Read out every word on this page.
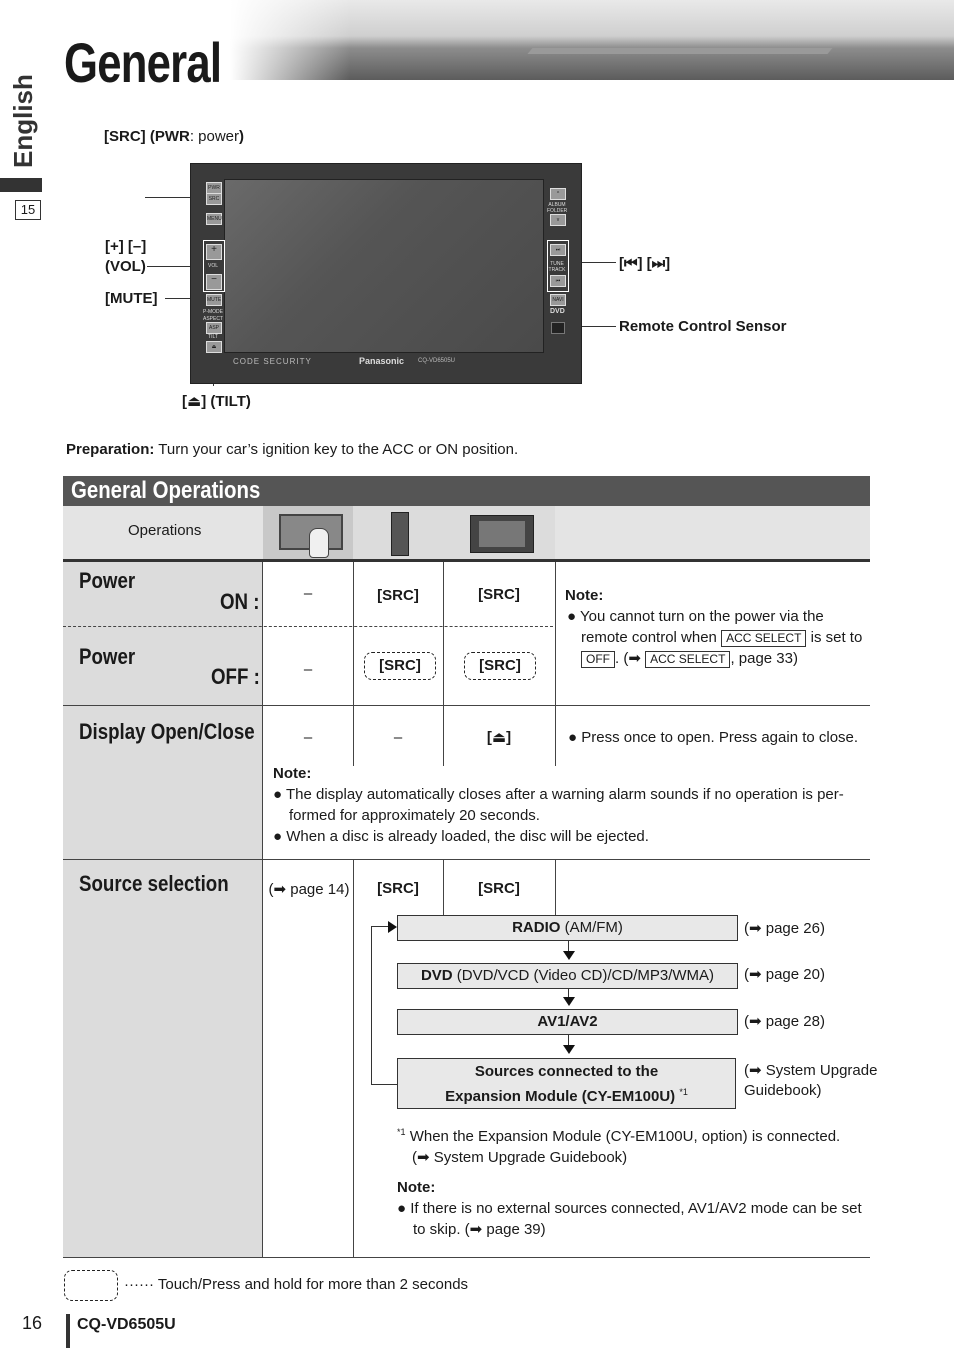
General
English
15
[SRC] (PWR: power)
[+] [–]
(VOL)
[MUTE]
[⏏] (TILT)
[⏮] [⏭]
Remote Control Sensor
PWR
SRC
MENU
+
VOL
−
MUTE
P-MODE
ASPECT
ASP
TILT
⏏
^
ALBUM
FOLDER
v
⏭
TUNE
TRACK
⏮
NAVI
DVD
CODE SECURITY	Panasonic CQ-VD6505U
Preparation: Turn your car’s ignition key to the ACC or ON position.
General Operations
Operations
Power
ON :	–	[SRC]	[SRC]
Power
OFF :	–	[SRC]	[SRC]
Note:
● You cannot turn on the power via the
remote control when ACC SELECT is set to
OFF . (➡ ACC SELECT , page 33)
Display Open/Close	–	–	[⏏]	● Press once to open. Press again to close.
Note:
● The display automatically closes after a warning alarm sounds if no operation is per-
formed for approximately 20 seconds.
● When a disc is already loaded, the disc will be ejected.
Source selection	(➡ page 14)	[SRC]	[SRC]
RADIO (AM/FM)	(➡ page 26)
DVD (DVD/VCD (Video CD)/CD/MP3/WMA)	(➡ page 20)
AV1/AV2	(➡ page 28)
Sources connected to the
Expansion Module (CY-EM100U) $^{*1}$
(➡ System Upgrade
Guidebook)
$^{*1}$ When the Expansion Module (CY-EM100U, option) is connected.
(➡ System Upgrade Guidebook)
Note:
● If there is no external sources connected, AV1/AV2 mode can be set
to skip. (➡ page 39)
······ Touch/Press and hold for more than 2 seconds
16 CQ-VD6505U
